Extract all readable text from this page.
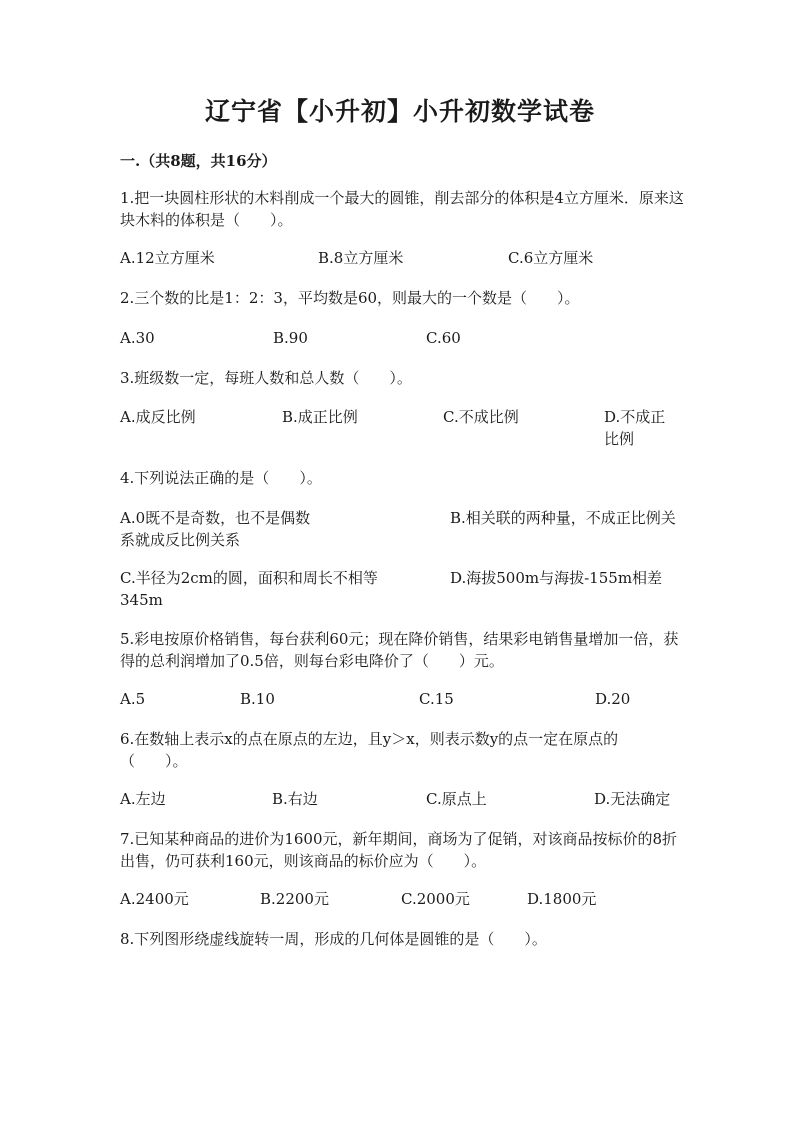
辽宁省【小升初】小升初数学试卷
一.（共8题，共16分）
1.把一块圆柱形状的木料削成一个最大的圆锥，削去部分的体积是4立方厘米．原来这块木料的体积是（　　）。
A.12立方厘米	B.8立方厘米	C.6立方厘米
2.三个数的比是1：2：3，平均数是60，则最大的一个数是（　　）。
A.30	B.90	C.60
3.班级数一定，每班人数和总人数（　　）。
A.成反比例	B.成正比例	C.不成比例	D.不成正比例
4.下列说法正确的是（　　）。
A.0既不是奇数，也不是偶数	B.相关联的两种量，不成正比例关系就成反比例关系
C.半径为2cm的圆，面积和周长不相等	D.海拔500m与海拔-155m相差345m
5.彩电按原价格销售，每台获利60元；现在降价销售，结果彩电销售量增加一倍，获得的总利润增加了0.5倍，则每台彩电降价了（　　）元。
A.5	B.10	C.15	D.20
6.在数轴上表示x的点在原点的左边，且y＞x，则表示数y的点一定在原点的（　　）。
A.左边	B.右边	C.原点上	D.无法确定
7.已知某种商品的进价为1600元，新年期间，商场为了促销，对该商品按标价的8折出售，仍可获利160元，则该商品的标价应为（　　）。
A.2400元	B.2200元	C.2000元	D.1800元
8.下列图形绕虚线旋转一周，形成的几何体是圆锥的是（　　）。
